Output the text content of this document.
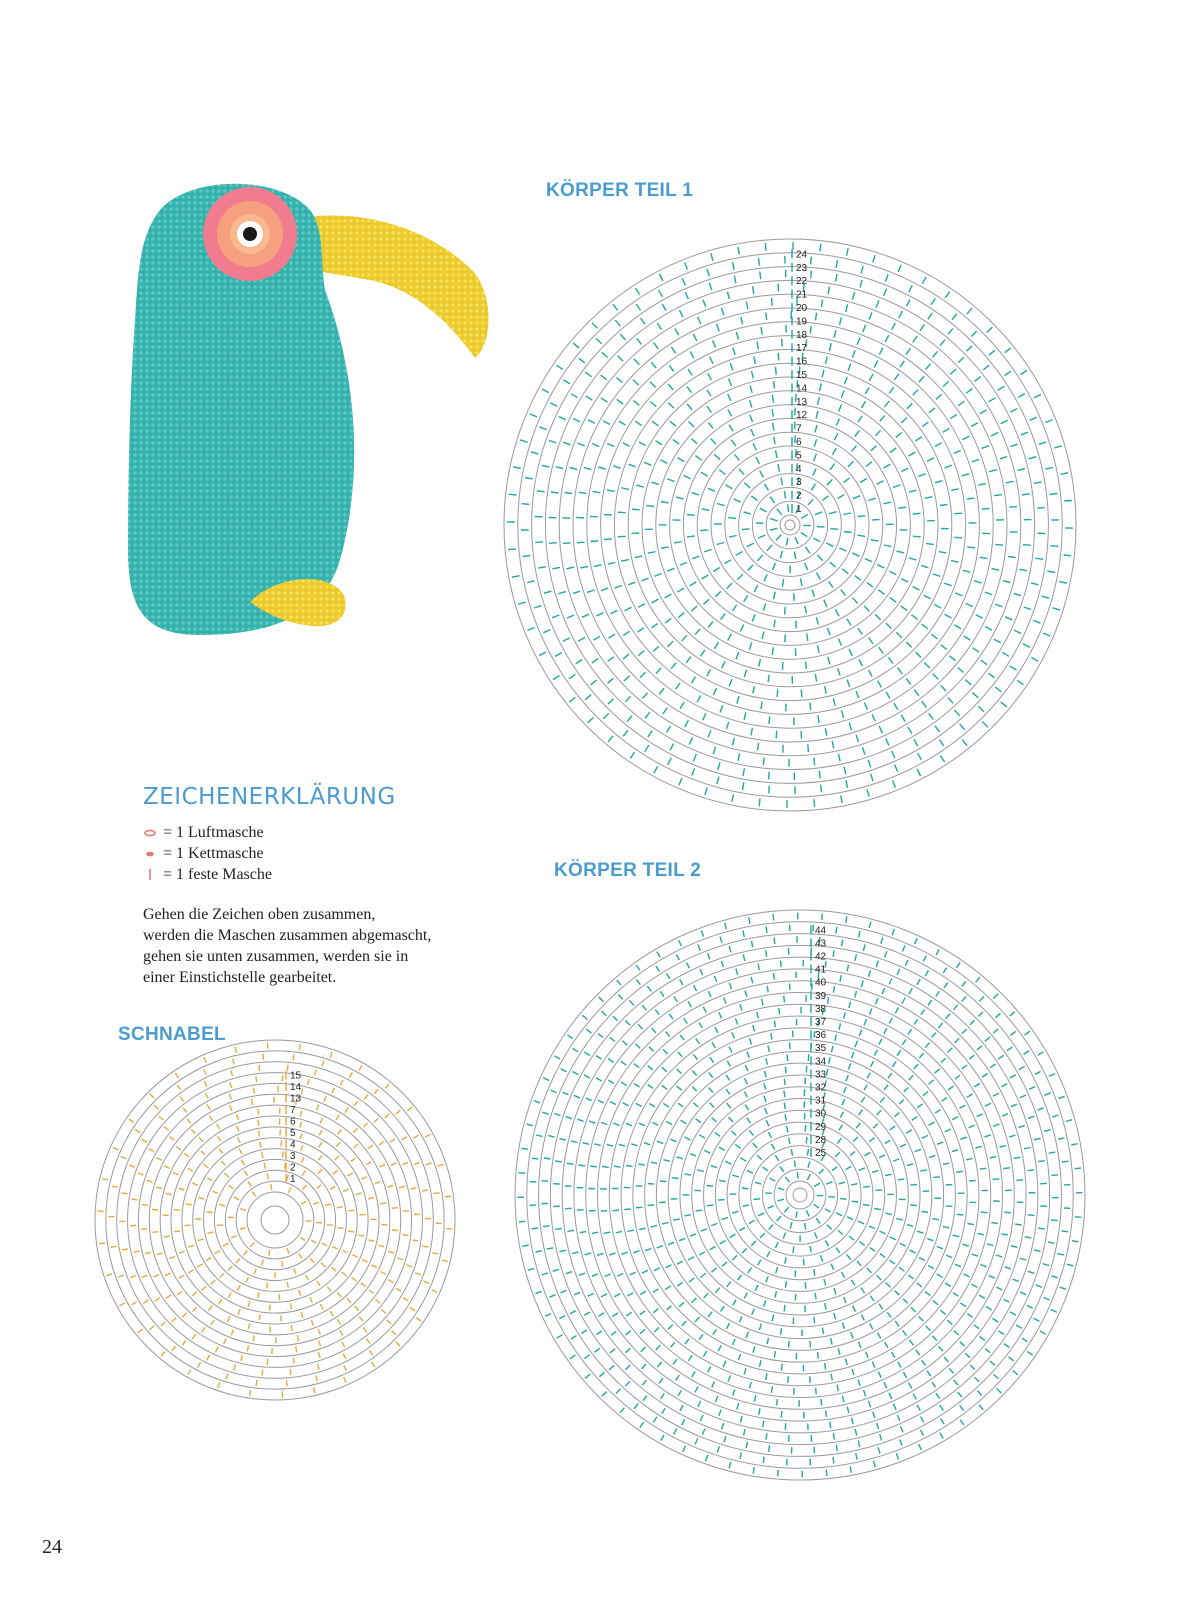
KÖRPER TEIL 1
KÖRPER TEIL 2
SCHNABEL
ZEICHENERKLÄRUNG
= 1 Luftmasche
= 1 Kettmasche
= 1 feste Masche
Gehen die Zeichen oben zusammen,
werden die Maschen zusammen abgemascht,
gehen sie unten zusammen, werden sie in
einer Einstichstelle gearbeitet.
1
2
3
4
5
6
7
12
13
14
15
16
17
18
19
20
21
22
23
24
25
28
29
30
31
32
33
34
35
36
37
38
39
40
41
42
43
44
1
2
3
4
5
6
7
13
14
15
24
